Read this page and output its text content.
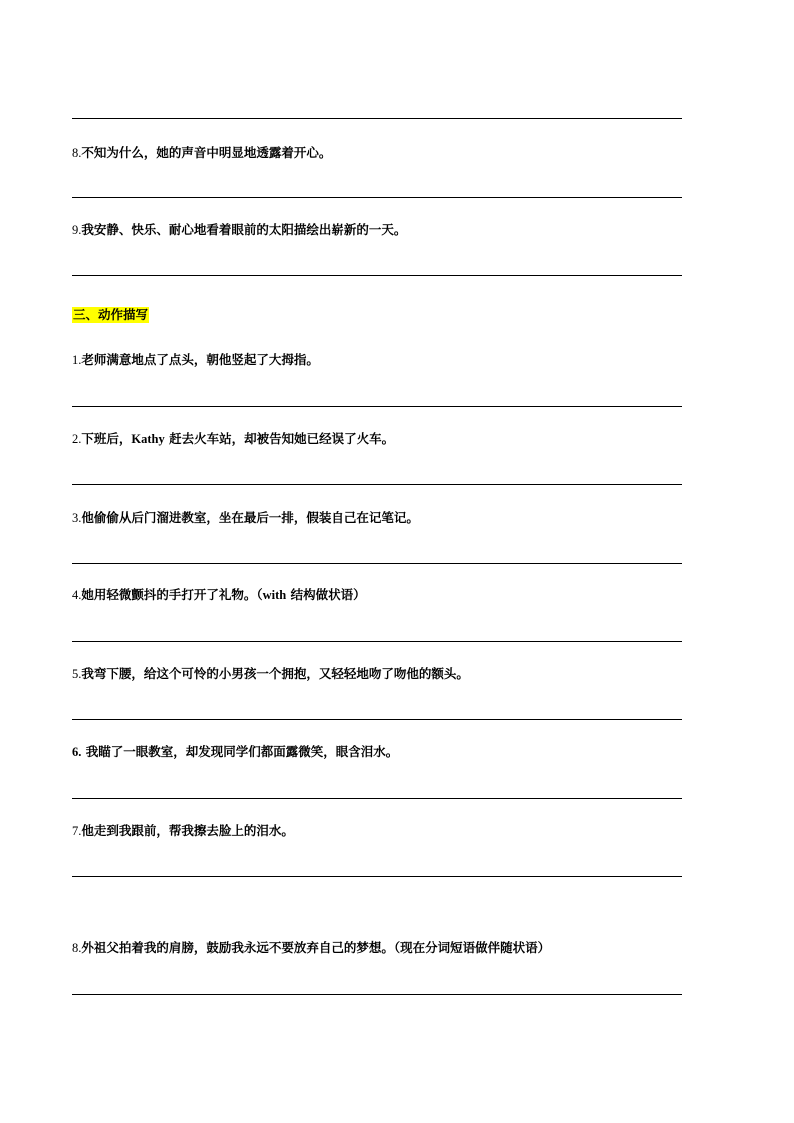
8.不知为什么，她的声音中明显地透露着开心。
9.我安静、快乐、耐心地看着眼前的太阳描绘出崭新的一天。
三、动作描写
1.老师满意地点了点头，朝他竖起了大拇指。
2.下班后，Kathy 赶去火车站，却被告知她已经误了火车。
3.他偷偷从后门溜进教室，坐在最后一排，假装自己在记笔记。
4.她用轻微颤抖的手打开了礼物。（with 结构做状语）
5.我弯下腰，给这个可怜的小男孩一个拥抱，又轻轻地吻了吻他的额头。
6. 我瞄了一眼教室，却发现同学们都面露微笑，眼含泪水。
7.他走到我跟前，帮我擦去脸上的泪水。
8.外祖父拍着我的肩膀，鼓励我永远不要放弃自己的梦想。（现在分词短语做伴随状语）
